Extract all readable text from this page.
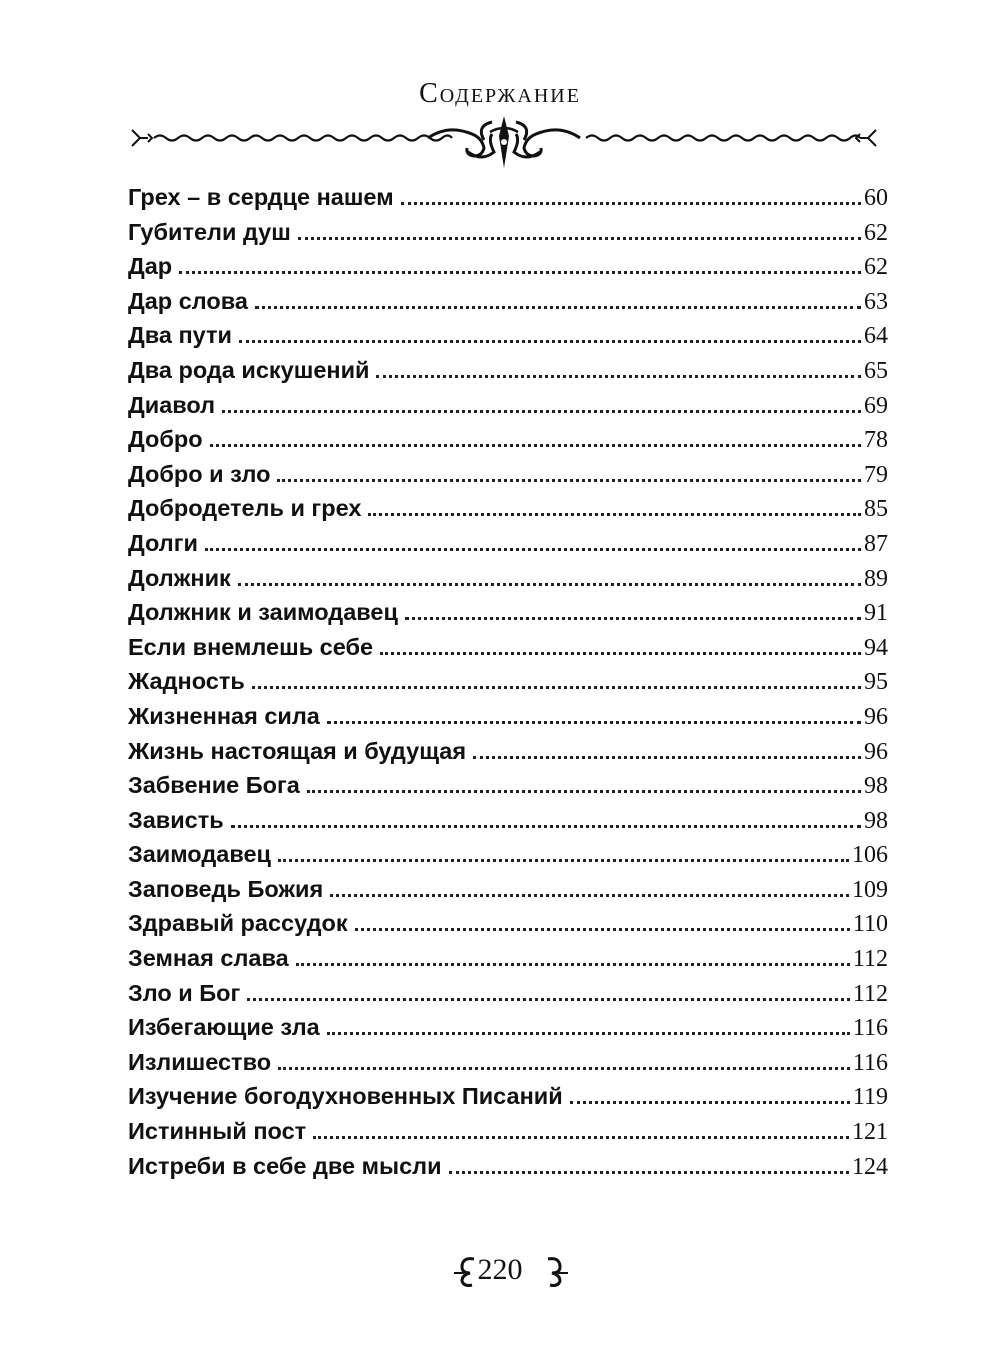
Содержание
Грех – в сердце нашем	60
Губители душ	62
Дар	62
Дар слова	63
Два пути	64
Два рода искушений	65
Диавол	69
Добро	78
Добро и зло	79
Добродетель и грех	85
Долги	87
Должник	89
Должник и заимодавец	91
Если внемлешь себе	94
Жадность	95
Жизненная сила	96
Жизнь настоящая и будущая	96
Забвение Бога	98
Зависть	98
Заимодавец	106
Заповедь Божия	109
Здравый рассудок	110
Земная слава	112
Зло и Бог	112
Избегающие зла	116
Излишество	116
Изучение богодухновенных Писаний	119
Истинный пост	121
Истреби в себе две мысли	124
220
